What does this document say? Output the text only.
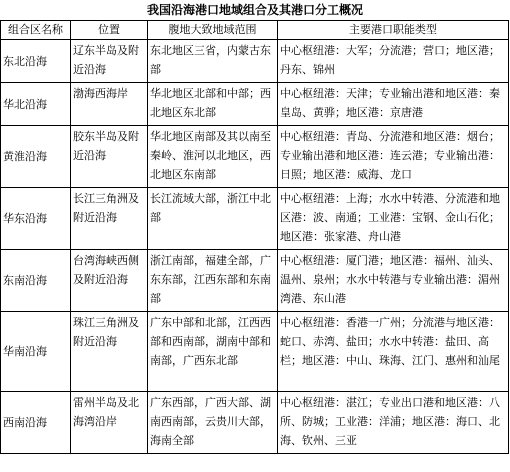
我国沿海港口地域组合及其港口分工概况
组合区名称	位置	腹地大致地域范围	主要港口职能类型
东北沿海	辽东半岛及附近沿海	东北地区三省，内蒙古东部	中心枢纽港：大军；分流港；营口；地区港；丹东、锦州
华北沿海	渤海西海岸	华北地区北部和中部；西北地区东北部	中心枢纽港：天津；专业输出港和地区港：秦皇岛、黄骅；地区港：京唐港
黄淮沿海	胶东半岛及附近沿海	华北地区南部及其以南至秦岭、淮河以北地区，西北地区东南部	中心枢纽港：青岛、分流港和地区港：烟台；专业输出港和地区港：连云港；专业输出港：日照；地区港：威海、龙口
华东沿海	长江三角洲及附近沿海	长江流域大部，浙江中北部	中心枢纽港：上海；水水中转港、分流港和地区港：波、南通；工业港：宝钢、金山石化；地区港：张家港、舟山港
东南沿海	台湾海峡西侧及附近沿海	浙江南部，福建全部，广东东部，江西东部和东南部	中心枢纽港：厦门港；地区港：福州、汕头、温州、泉州；水水中转港与专业输出港：湄州湾港、东山港
华南沿海	珠江三角洲及附近沿海	广东中部和北部，江西西部和西南部，湖南中部和南部，广西东北部	中心枢纽港：香港一广州；分流港与地区港：蛇口、赤湾、盐田；水水中转港：盐田、高栏；地区港：中山、珠海、江门、惠州和汕尾
西南沿海	雷州半岛及北海湾沿岸	广东西部，广西大部、湖南西南部，云贵川大部，海南全部	中心枢纽港：湛江；专业出口港和地区港：八所、防城；工业港：洋浦；地区港：海口、北海、钦州、三亚
